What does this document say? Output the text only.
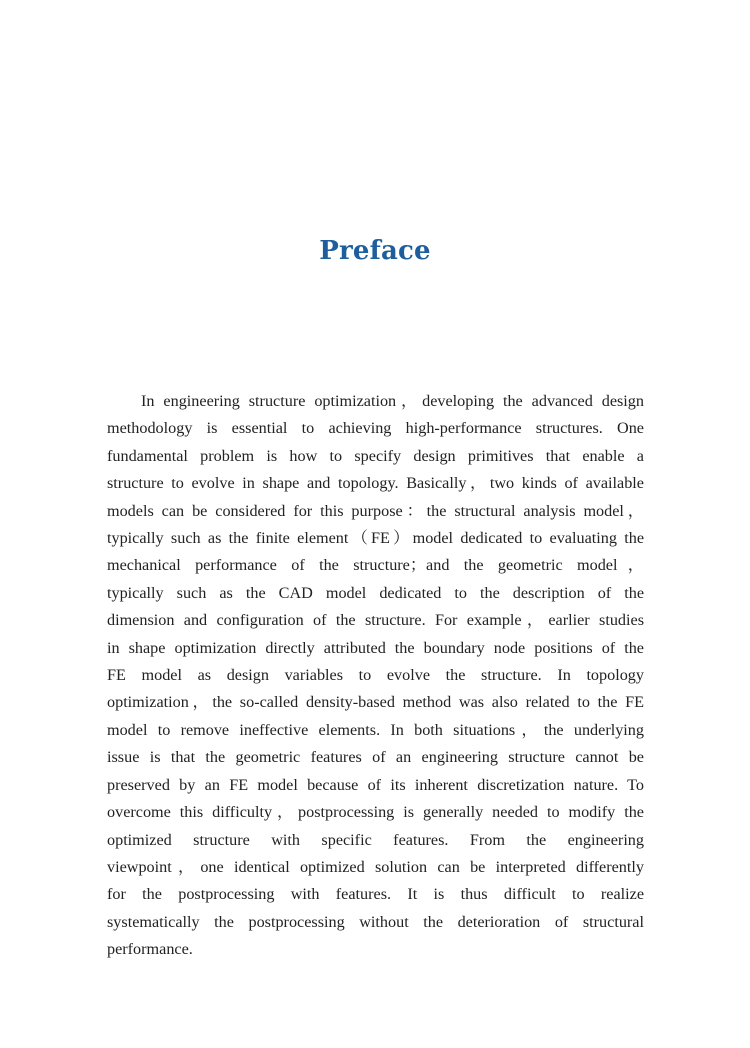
Preface
In engineering structure optimization，developing the advanced design
methodology is essential to achieving high-performance structures. One
fundamental problem is how to specify design primitives that enable a
structure to evolve in shape and topology. Basically，two kinds of available
models can be considered for this purpose：the structural analysis model，
typically such as the finite element（FE）model dedicated to evaluating the
mechanical performance of the structure；and the geometric model，
typically such as the CAD model dedicated to the description of the
dimension and configuration of the structure. For example，earlier studies
in shape optimization directly attributed the boundary node positions of the
FE model as design variables to evolve the structure. In topology
optimization，the so-called density-based method was also related to the FE
model to remove ineffective elements. In both situations，the underlying
issue is that the geometric features of an engineering structure cannot be
preserved by an FE model because of its inherent discretization nature. To
overcome this difficulty，postprocessing is generally needed to modify the
optimized structure with specific features. From the engineering
viewpoint，one identical optimized solution can be interpreted differently
for the postprocessing with features. It is thus difficult to realize
systematically the postprocessing without the deterioration of structural
performance.
